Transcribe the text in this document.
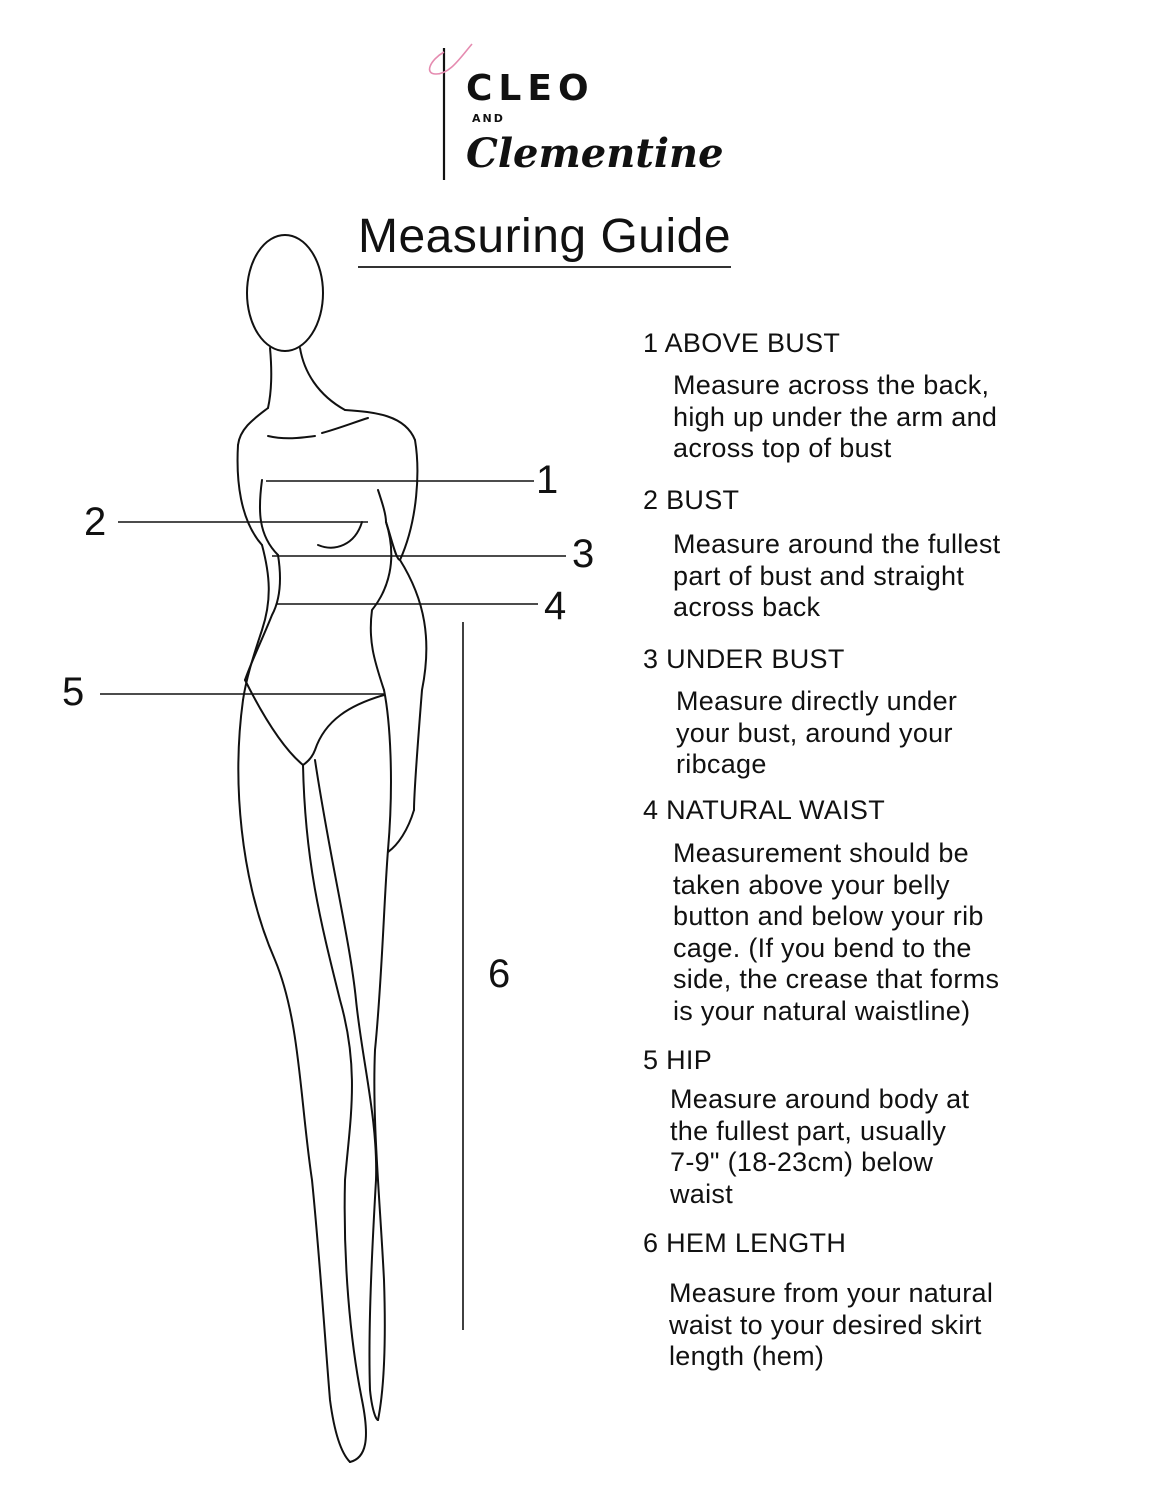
CLEO
AND
Clementine
Measuring Guide
1
2
3
4
5
6
1 ABOVE BUST
Measure across the back,
high up under the arm and
across top of bust
2 BUST
Measure around the fullest
part of bust and straight
across back
3 UNDER BUST
Measure directly under
your bust, around your
ribcage
4 NATURAL WAIST
Measurement should be
taken above your belly
button and below your rib
cage. (If you bend to the
side, the crease that forms
is your natural waistline)
5 HIP
Measure around body at
the fullest part, usually
7-9" (18-23cm) below
waist
6 HEM LENGTH
Measure from your natural
waist to your desired skirt
length (hem)
